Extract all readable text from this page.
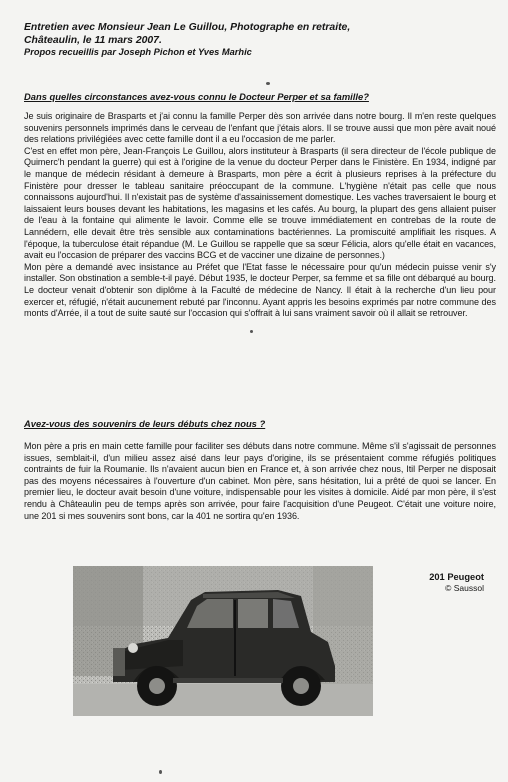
Entretien avec Monsieur Jean Le Guillou, Photographe en retraite,
Châteaulin, le 11 mars 2007.
Propos recueillis par Joseph Pichon et Yves Marhic
Dans quelles circonstances avez-vous connu le Docteur Perper et sa famille?

Je suis originaire de Brasparts et j'ai connu la famille Perper dès son arrivée dans notre bourg. Il m'en reste quelques souvenirs personnels imprimés dans le cerveau de l'enfant que j'étais alors. Il se trouve aussi que mon père avait noué des relations privilégiées avec cette famille dont il a eu l'occasion de me parler.

C'est en effet mon père, Jean-François Le Guillou, alors instituteur à Brasparts (il sera directeur de l'école publique de Quimerc'h pendant la guerre) qui est à l'origine de la venue du docteur Perper dans le Finistère. En 1934, indigné par le manque de médecin résidant à demeure à Brasparts, mon père a écrit à plusieurs reprises à la préfecture du Finistère pour dresser le tableau sanitaire préoccupant de la commune. L'hygiène n'était pas celle que nous connaissons aujourd'hui. Il n'existait pas de système d'assainissement domestique. Les vaches traversaient le bourg et laissaient leurs bouses devant les habitations, les magasins et les cafés. Au bourg, la plupart des gens allaient puiser de l'eau à la fontaine qui alimente le lavoir. Comme elle se trouve immédiatement en contrebas de la route de Lannédern, elle devait être très sensible aux contaminations bactériennes. La promiscuité amplifiait les risques. A l'époque, la tuberculose était répandue (M. Le Guillou se rappelle que sa sœur Félicia, alors qu'elle était en vacances, avait eu l'occasion de préparer des vaccins BCG et de vacciner une dizaine de personnes.)

Mon père a demandé avec insistance au Préfet que l'Etat fasse le nécessaire pour qu'un médecin puisse venir s'y installer. Son obstination a semble-t-il payé. Début 1935, le docteur Perper, sa femme et sa fille ont débarqué au bourg. Le docteur venait d'obtenir son diplôme à la Faculté de médecine de Nancy. Il était à la recherche d'un lieu pour exercer et, réfugié, n'était aucunement rebuté par l'inconnu. Ayant appris les besoins exprimés par notre commune des monts d'Arrée, il a tout de suite sauté sur l'occasion qui s'offrait à lui sans vraiment savoir où il allait se retrouver.

Avez-vous des souvenirs de leurs débuts chez nous ?

Mon père a pris en main cette famille pour faciliter ses débuts dans notre commune. Même s'il s'agissait de personnes issues, semblait-il, d'un milieu assez aisé dans leur pays d'origine, ils se présentaient comme réfugiés politiques contraints de fuir la Roumanie. Ils n'avaient aucun bien en France et, à son arrivée chez nous, Itil Perper ne disposait pas des moyens nécessaires à l'ouverture d'un cabinet. Mon père, sans hésitation, lui a prêté de quoi se lancer. En premier lieu, le docteur avait besoin d'une voiture, indispensable pour les visites à domicile. Aidé par mon père, il s'est rendu à Châteaulin peu de temps après son arrivée, pour faire l'acquisition d'une Peugeot. C'était une voiture noire, une 201 si mes souvenirs sont bons, car la 401 ne sortira qu'en 1936.

201 Peugeot
© Saussol
